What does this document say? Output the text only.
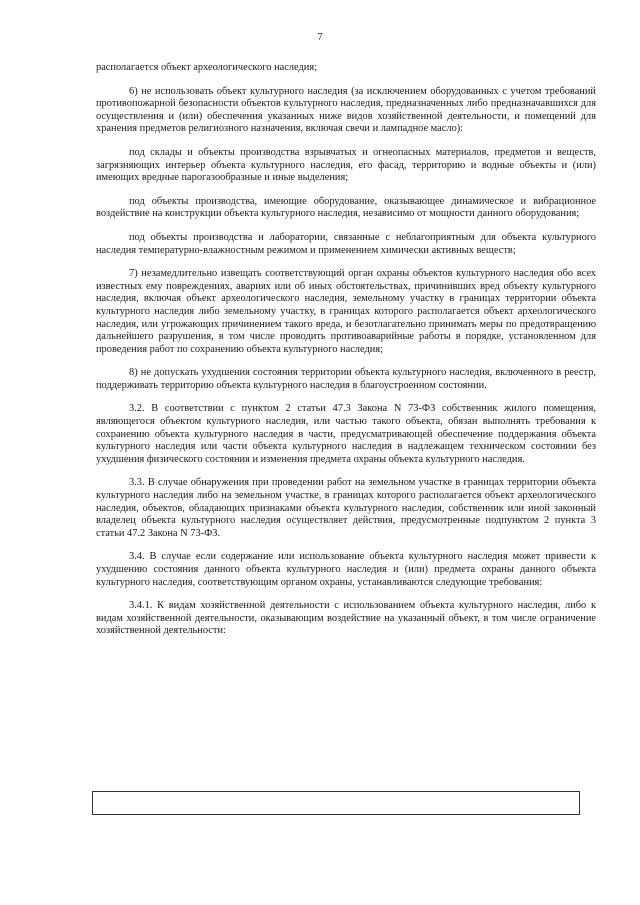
7

располагается объект археологического наследия;

6) не использовать объект культурного наследия (за исключением оборудованных с учетом требований противопожарной безопасности объектов культурного наследия, предназначенных либо предназначавшихся для осуществления и (или) обеспечения указанных ниже видов хозяйственной деятельности, и помещений для хранения предметов религиозного назначения, включая свечи и лампадное масло):

под склады и объекты производства взрывчатых и огнеопасных материалов, предметов и веществ, загрязняющих интерьер объекта культурного наследия, его фасад, территорию и водные объекты и (или) имеющих вредные парогазообразные и иные выделения;

под объекты производства, имеющие оборудование, оказывающее динамическое и вибрационное воздействие на конструкции объекта культурного наследия, независимо от мощности данного оборудования;

под объекты производства и лаборатории, связанные с неблагоприятным для объекта культурного наследия температурно-влажностным режимом и применением химически активных веществ;

7) незамедлительно извещать соответствующий орган охраны объектов культурного наследия обо всех известных ему повреждениях, авариях или об иных обстоятельствах, причинивших вред объекту культурного наследия, включая объект археологического наследия, земельному участку в границах территории объекта культурного наследия либо земельному участку, в границах которого располагается объект археологического наследия, или угрожающих причинением такого вреда, и безотлагательно принимать меры по предотвращению дальнейшего разрушения, в том числе проводить противоаварийные работы в порядке, установленном для проведения работ по сохранению объекта культурного наследия;

8) не допускать ухудшения состояния территории объекта культурного наследия, включенного в реестр, поддерживать территорию объекта культурного наследия в благоустроенном состоянии.

3.2. В соответствии с пунктом 2 статьи 47.3 Закона N 73-ФЗ собственник жилого помещения, являющегося объектом культурного наследия, или частью такого объекта, обязан выполнять требования к сохранению объекта культурного наследия в части, предусматривающей обеспечение поддержания объекта культурного наследия или части объекта культурного наследия в надлежащем техническом состоянии без ухудшения физического состояния и изменения предмета охраны объекта культурного наследия.

3.3. В случае обнаружения при проведении работ на земельном участке в границах территории объекта культурного наследия либо на земельном участке, в границах которого располагается объект археологического наследия, объектов, обладающих признаками объекта культурного наследия, собственник или иной законный владелец объекта культурного наследия осуществляет действия, предусмотренные подпунктом 2 пункта 3 статьи 47.2 Закона N 73-ФЗ.

3.4. В случае если содержание или использование объекта культурного наследия может привести к ухудшению состояния данного объекта культурного наследия и (или) предмета охраны данного объекта культурного наследия, соответствующим органом охраны, устанавливаются следующие требования:

3.4.1. К видам хозяйственной деятельности с использованием объекта культурного наследия, либо к видам хозяйственной деятельности, оказывающим воздействие на указанный объект, в том числе ограничение хозяйственной деятельности:
